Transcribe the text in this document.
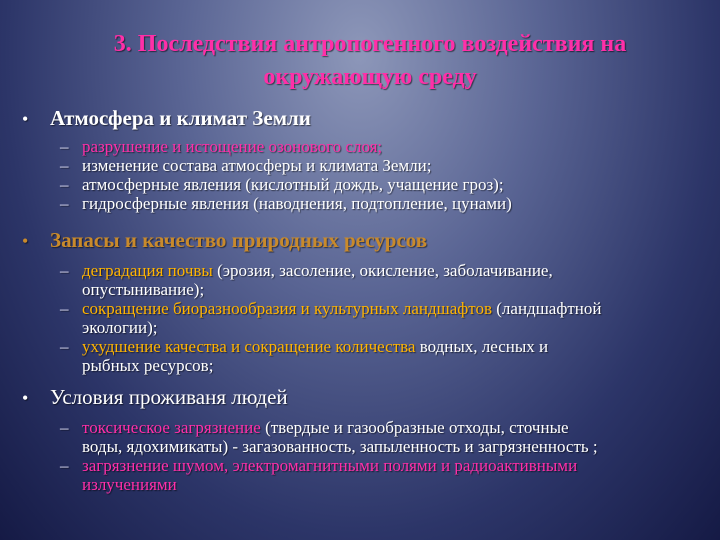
3. Последствия антропогенного воздействия на
окружающую среду
•	Атмосфера и климат Земли
– разрушение и истощение озонового слоя;
– изменение состава атмосферы и климата Земли;
– атмосферные явления (кислотный дождь, учащение гроз);
– гидросферные явления (наводнения, подтопление, цунами)
•	Запасы и качество природных ресурсов
– деградация почвы (эрозия, засоление, окисление, заболачивание,
опустынивание);
– сокращение биоразнообразия и культурных ландшафтов (ландшафтной
экологии);
– ухудшение качества и сокращение количества водных, лесных и
рыбных ресурсов;
•	Условия проживаня людей
– токсическое загрязнение (твердые и газообразные отходы, сточные
воды, ядохимикаты) - загазованность, запыленность и загрязненность ;
– загрязнение шумом, электромагнитными полями и радиоактивными
излучениями
